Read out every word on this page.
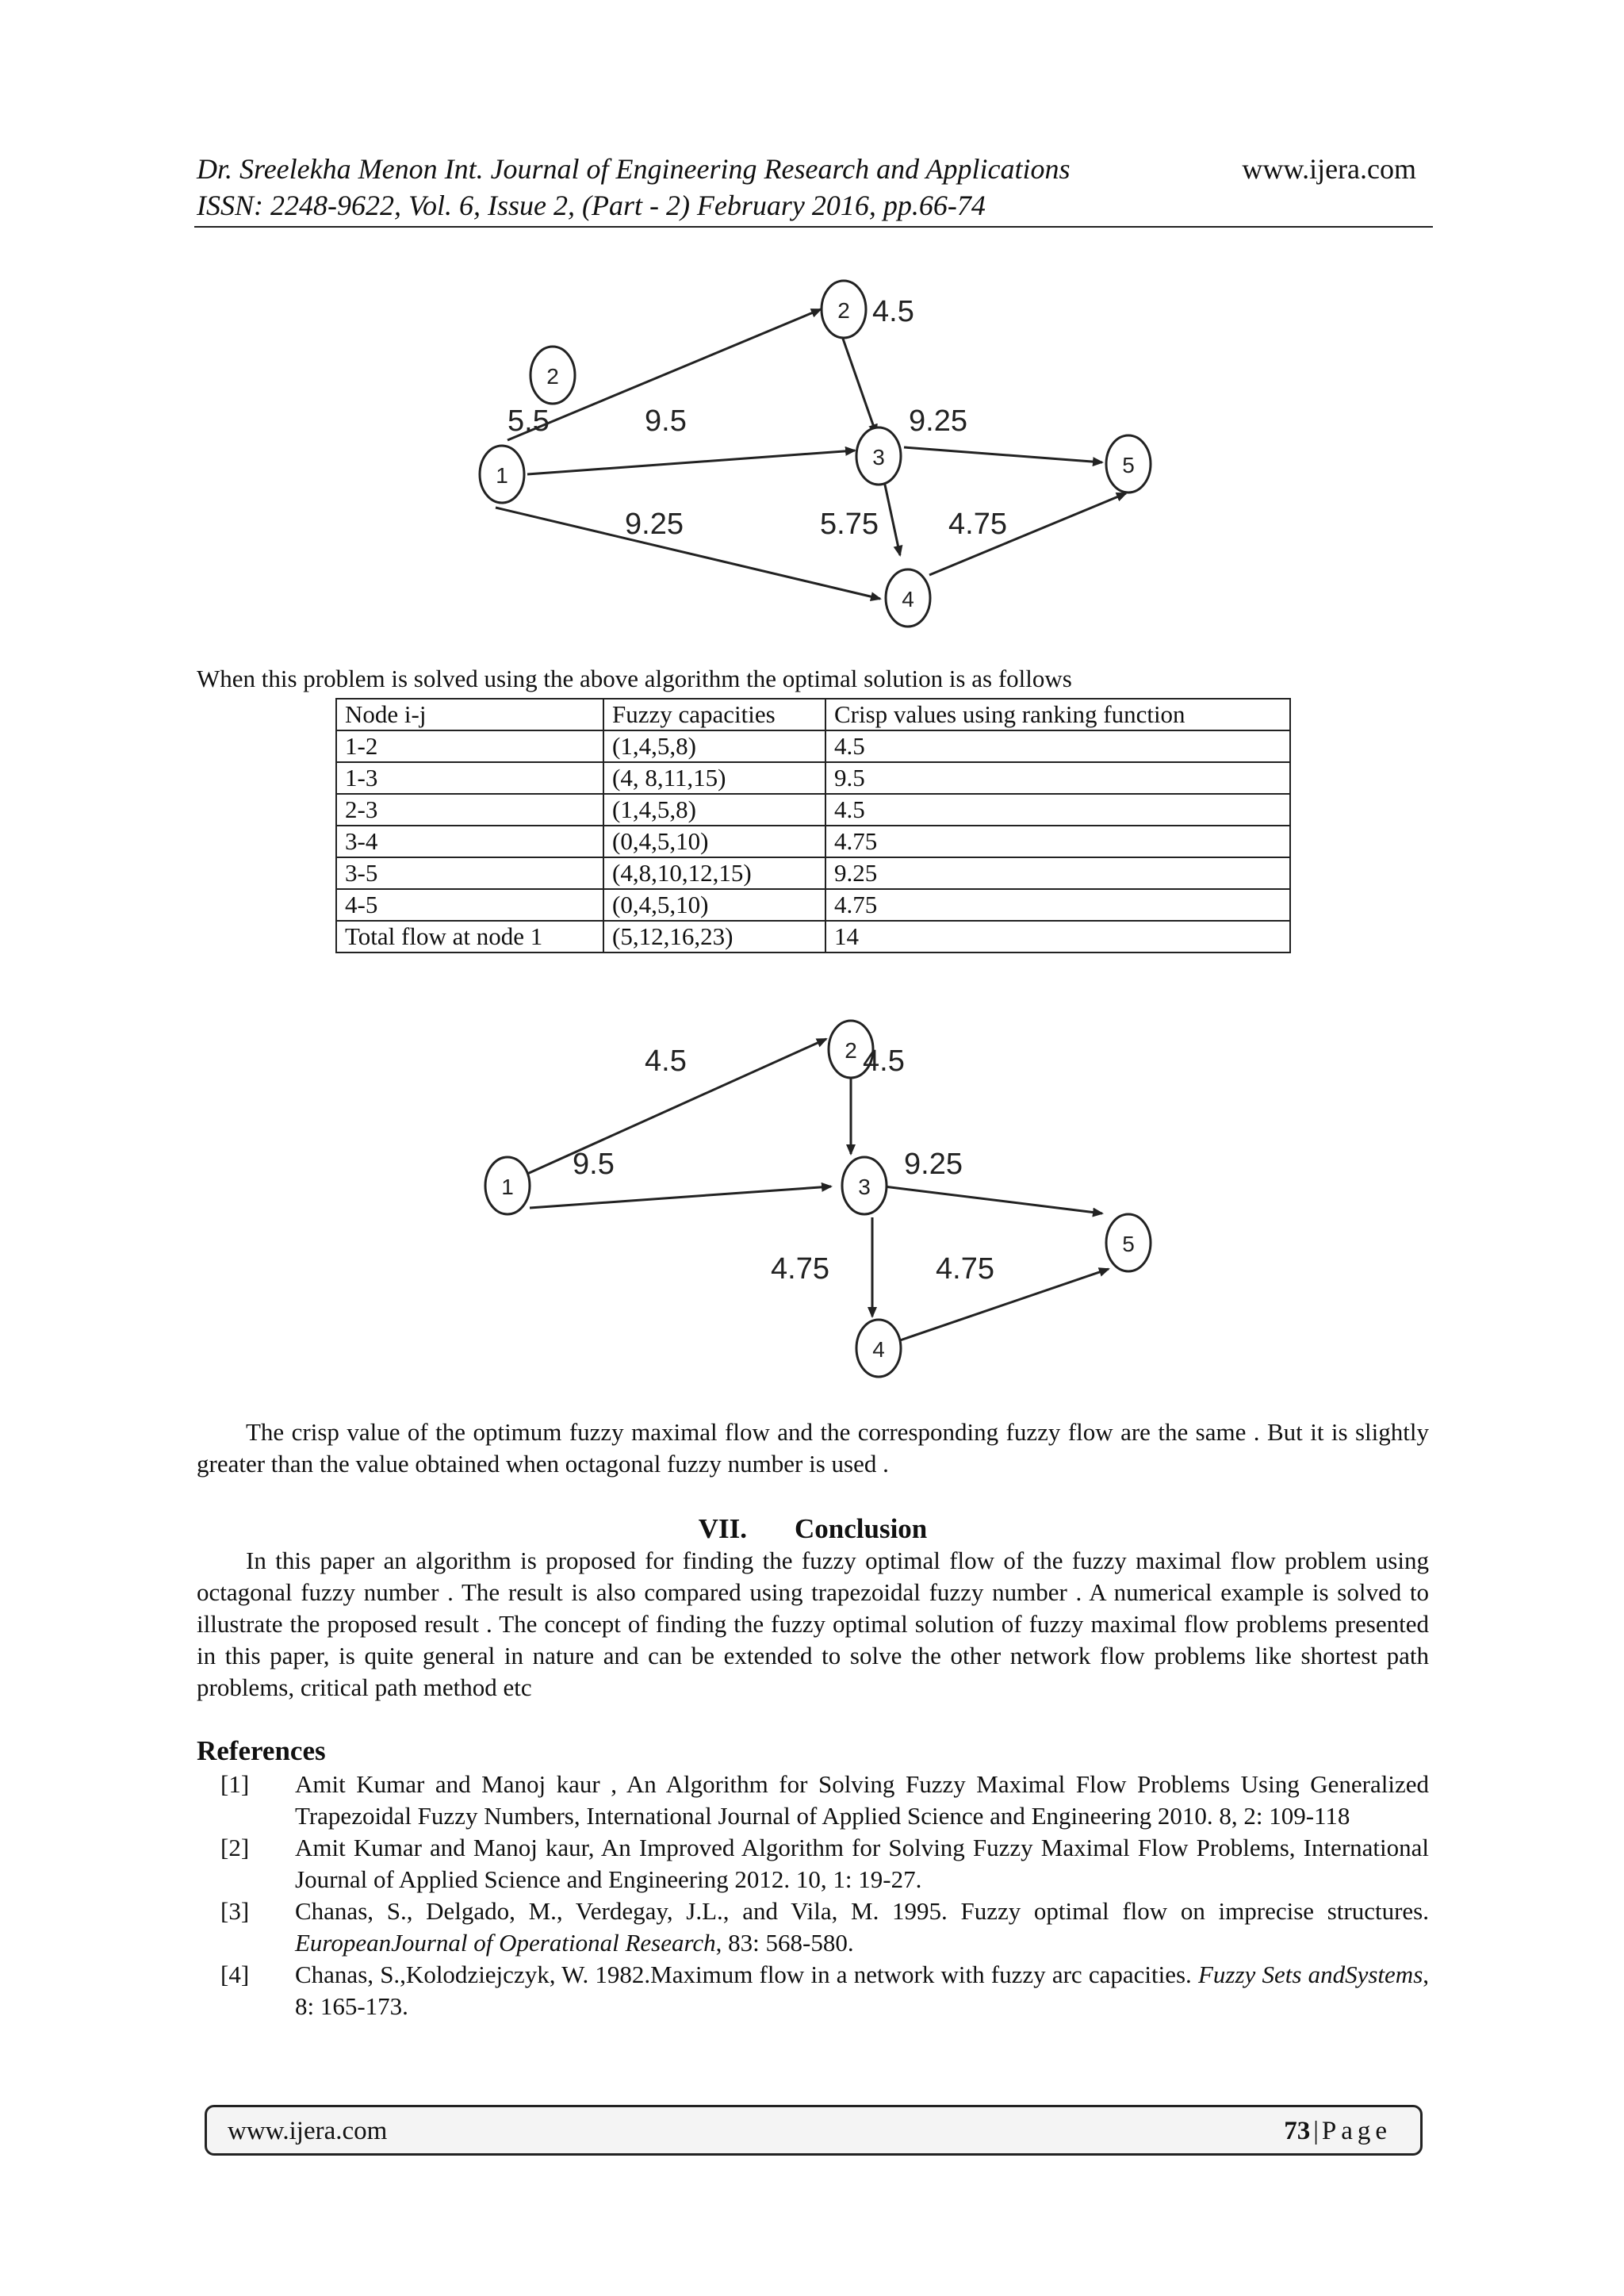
Dr. Sreelekha Menon Int. Journal of Engineering Research and Applications
ISSN: 2248-9622, Vol. 6, Issue 2, (Part - 2) February 2016, pp.66-74
www.ijera.com
1
2
3
4
5
2
5.5	9.5
9.25
4.5
9.25
5.75 4.75
When this problem is solved using the above algorithm the optimal solution is as follows
Node i-j	Fuzzy capacities	Crisp values using ranking function
1-2	(1,4,5,8)	4.5
1-3	(4, 8,11,15)	9.5
2-3	(1,4,5,8)	4.5
3-4	(0,4,5,10)	4.75
3-5	(4,8,10,12,15)	9.25
4-5	(0,4,5,10)	4.75
Total flow at node 1	(5,12,16,23)	14
1
2
3
4
5
4.5	4.5
9.5	9.25
4.75	4.75
The crisp value of the optimum fuzzy maximal flow and the corresponding fuzzy flow are the same . But it is slightly greater than the value obtained when octagonal fuzzy number is used .
VII. Conclusion
In this paper an algorithm is proposed for finding the fuzzy optimal flow of the fuzzy maximal flow problem using octagonal fuzzy number . The result is also compared using trapezoidal fuzzy number . A numerical example is solved to illustrate the proposed result . The concept of finding the fuzzy optimal solution of fuzzy maximal flow problems presented in this paper, is quite general in nature and can be extended to solve the other network flow problems like shortest path problems, critical path method etc
References
[1] Amit Kumar and Manoj kaur , An Algorithm for Solving Fuzzy Maximal Flow Problems Using Generalized Trapezoidal Fuzzy Numbers, International Journal of Applied Science and Engineering 2010. 8, 2: 109-118
[2] Amit Kumar and Manoj kaur, An Improved Algorithm for Solving Fuzzy Maximal Flow Problems, International Journal of Applied Science and Engineering 2012. 10, 1: 19-27.
[3] Chanas, S., Delgado, M., Verdegay, J.L., and Vila, M. 1995. Fuzzy optimal flow on imprecise structures. EuropeanJournal of Operational Research, 83: 568-580.
[4] Chanas, S.,Kolodziejczyk, W. 1982.Maximum flow in a network with fuzzy arc capacities. Fuzzy Sets andSystems, 8: 165-173.
www.ijera.com	73 | Page
